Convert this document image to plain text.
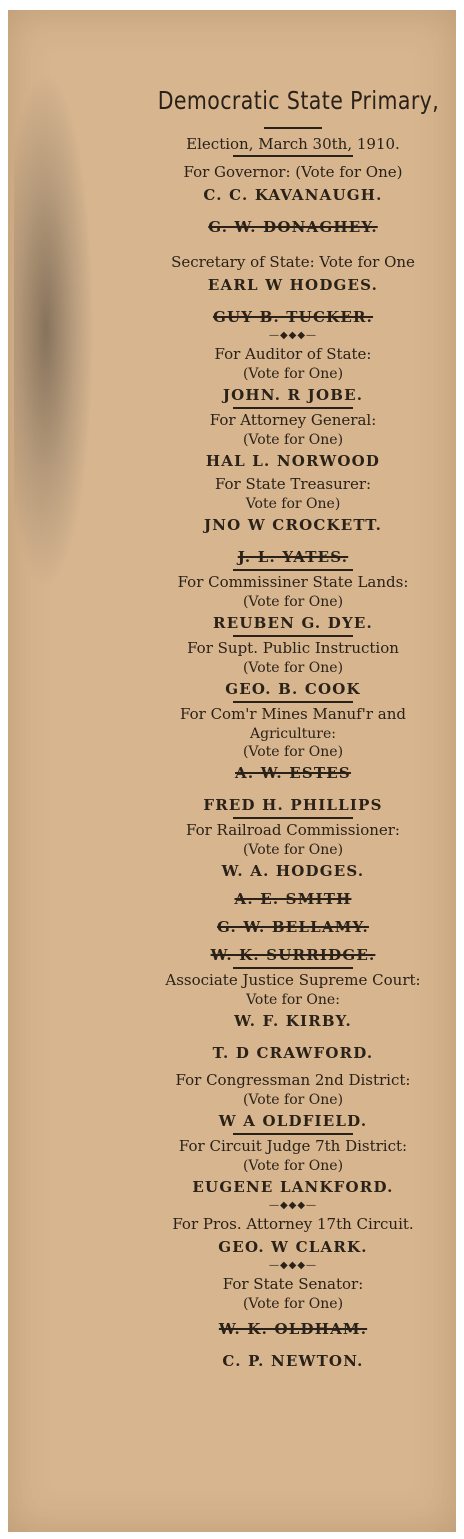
Democratic State Primary,
Election, March 30th, 1910.
For Governor: (Vote for One)
C. C. KAVANAUGH.
G. W. DONAGHEY.
Secretary of State: Vote for One
EARL W HODGES.
GUY B. TUCKER.
—◆◆◆—
For Auditor of State:
(Vote for One)
JOHN. R JOBE.
For Attorney General:
(Vote for One)
HAL L. NORWOOD
For State Treasurer:
Vote for One)
JNO W CROCKETT.
J. L. YATES.
For Commissiner State Lands:
(Vote for One)
REUBEN G. DYE.
For Supt. Public Instruction
(Vote for One)
GEO. B. COOK
For Com'r Mines Manuf'r and
Agriculture:
(Vote for One)
A. W. ESTES
FRED H. PHILLIPS
For Railroad Commissioner:
(Vote for One)
W. A. HODGES.
A. E. SMITH
G. W. BELLAMY.
W. K. SURRIDGE.
Associate Justice Supreme Court:
Vote for One:
W. F. KIRBY.
T. D CRAWFORD.
For Congressman 2nd District:
(Vote for One)
W A OLDFIELD.
For Circuit Judge 7th District:
(Vote for One)
EUGENE LANKFORD.
—◆◆◆—
For Pros. Attorney 17th Circuit.
GEO. W CLARK.
—◆◆◆—
For State Senator:
(Vote for One)
W. K. OLDHAM.
C. P. NEWTON.
